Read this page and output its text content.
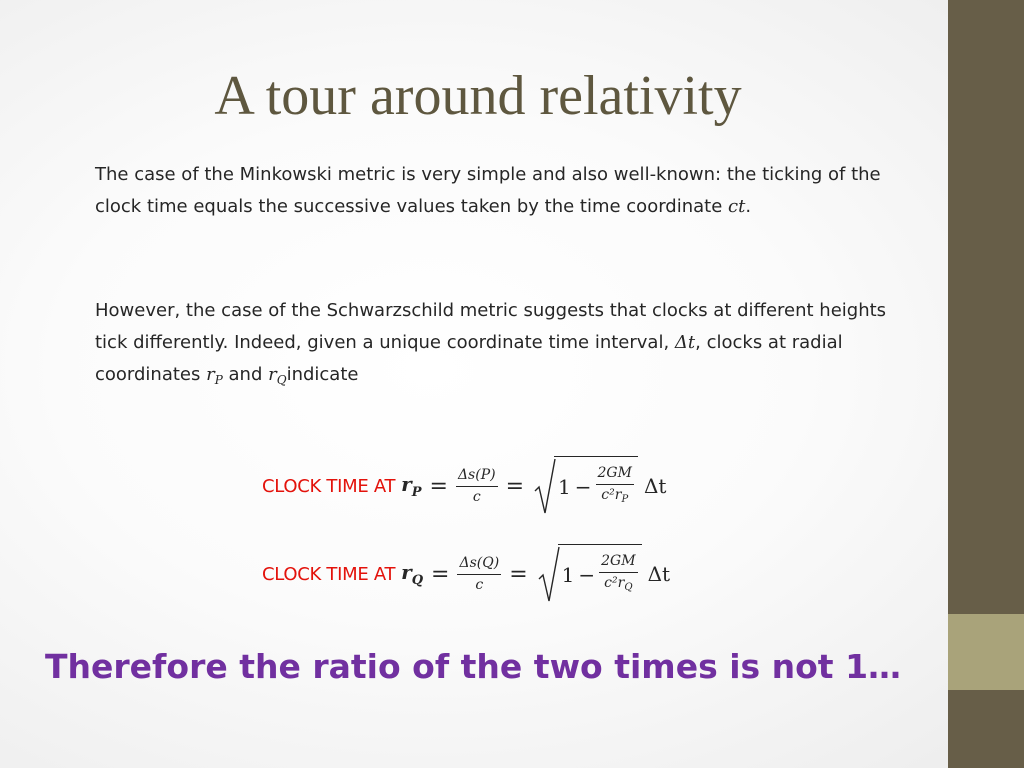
A tour around relativity

The case of the Minkowski metric is very simple and also well-known: the ticking of the clock time equals the successive values taken by the time coordinate ct.

However, the case of the Schwarzschild metric suggests that clocks at different heights tick differently. Indeed, given a unique coordinate time interval, Δt, clocks at radial coordinates $r_P$ and $r_Qindicate$

CLOCK TIME AT $r_P = \frac{\Delta s(P)}{c} = 1 - \frac{2GM}{c^2r_P}$ Δt
CLOCK TIME AT $r_Q = \frac{\Delta s(Q)}{c} = 1 - \frac{2GM}{c^2r_Q}$ Δt

Therefore the ratio of the two times is not 1…
